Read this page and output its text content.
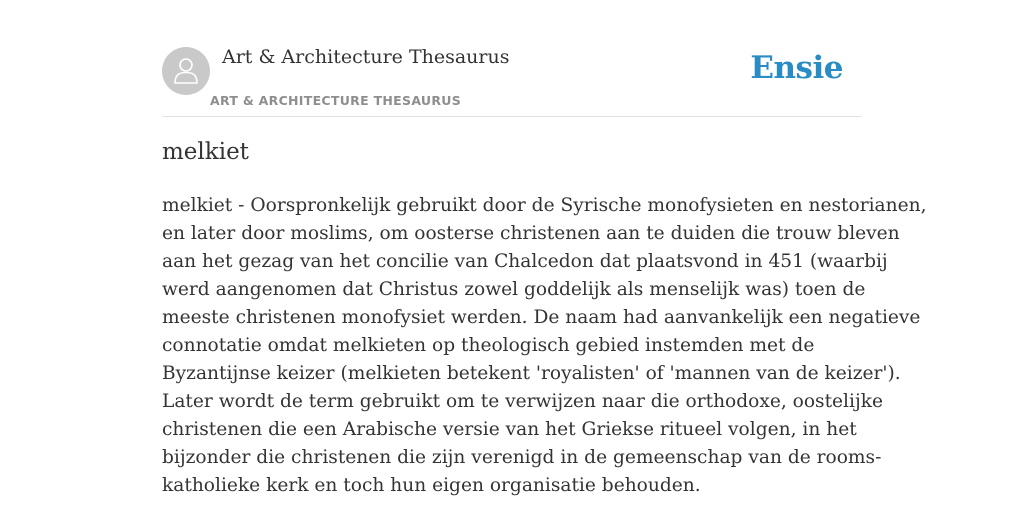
Art & Architecture Thesaurus
ART & ARCHITECTURE THESAURUS
Ensie
melkiet

melkiet - Oorspronkelijk gebruikt door de Syrische monofysieten en nestorianen,
en later door moslims, om oosterse christenen aan te duiden die trouw bleven
aan het gezag van het concilie van Chalcedon dat plaatsvond in 451 (waarbij
werd aangenomen dat Christus zowel goddelijk als menselijk was) toen de
meeste christenen monofysiet werden. De naam had aanvankelijk een negatieve
connotatie omdat melkieten op theologisch gebied instemden met de
Byzantijnse keizer (melkieten betekent 'royalisten' of 'mannen van de keizer').
Later wordt de term gebruikt om te verwijzen naar die orthodoxe, oostelijke
christenen die een Arabische versie van het Griekse ritueel volgen, in het
bijzonder die christenen die zijn verenigd in de gemeenschap van de rooms-
katholieke kerk en toch hun eigen organisatie behouden.
